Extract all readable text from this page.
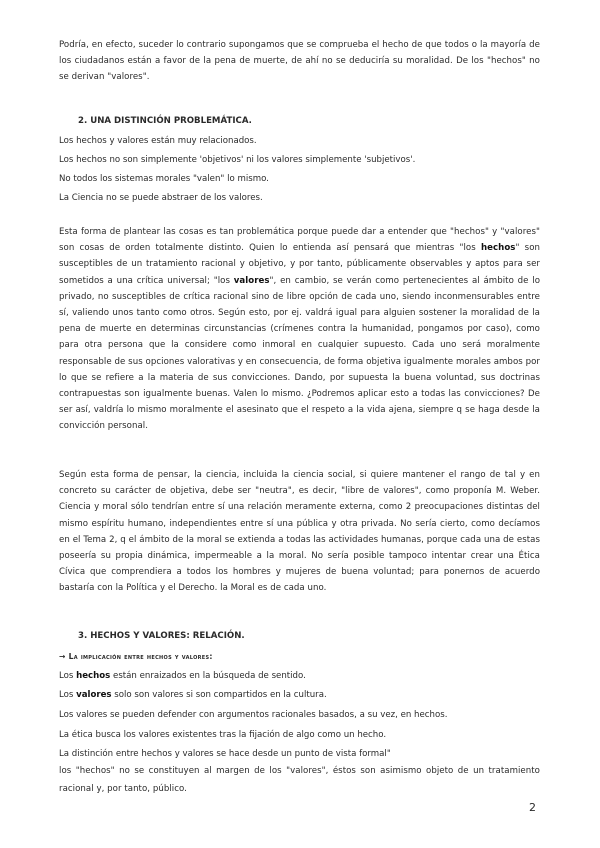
Podría, en efecto, suceder lo contrario supongamos que se comprueba el hecho de que todos o la mayoría de los ciudadanos están a favor de la pena de muerte, de ahí no se deduciría su moralidad. De los "hechos" no se derivan "valores".
2. UNA DISTINCIÓN PROBLEMÁTICA.
Los hechos y valores están muy relacionados.
Los hechos no son simplemente 'objetivos' ni los valores simplemente 'subjetivos'.
No todos los sistemas morales "valen" lo mismo.
La Ciencia no se puede abstraer de los valores.
Esta forma de plantear las cosas es tan problemática porque puede dar a entender que "hechos" y "valores" son cosas de orden totalmente distinto. Quien lo entienda así pensará que mientras "los hechos" son susceptibles de un tratamiento racional y objetivo, y por tanto, públicamente observables y aptos para ser sometidos a una crítica universal; "los valores", en cambio, se verán como pertenecientes al ámbito de lo privado, no susceptibles de crítica racional sino de libre opción de cada uno, siendo inconmensurables entre sí, valiendo unos tanto como otros. Según esto, por ej. valdrá igual para alguien sostener la moralidad de la pena de muerte en determinas circunstancias (crímenes contra la humanidad, pongamos por caso), como para otra persona que la considere como inmoral en cualquier supuesto. Cada uno será moralmente responsable de sus opciones valorativas y en consecuencia, de forma objetiva igualmente morales ambos por lo que se refiere a la materia de sus convicciones. Dando, por supuesta la buena voluntad, sus doctrinas contrapuestas son igualmente buenas. Valen lo mismo. ¿Podremos aplicar esto a todas las convicciones? De ser así, valdría lo mismo moralmente el asesinato que el respeto a la vida ajena, siempre q se haga desde la convicción personal.
Según esta forma de pensar, la ciencia, incluida la ciencia social, si quiere mantener el rango de tal y en concreto su carácter de objetiva, debe ser "neutra", es decir, "libre de valores", como proponía M. Weber. Ciencia y moral sólo tendrían entre sí una relación meramente externa, como 2 preocupaciones distintas del mismo espíritu humano, independientes entre sí una pública y otra privada. No sería cierto, como decíamos en el Tema 2, q el ámbito de la moral se extienda a todas las actividades humanas, porque cada una de estas poseería su propia dinámica, impermeable a la moral. No sería posible tampoco intentar crear una Ética Cívica que comprendiera a todos los hombres y mujeres de buena voluntad; para ponernos de acuerdo bastaría con la Política y el Derecho. la Moral es de cada uno.
3. HECHOS Y VALORES: RELACIÓN.
→ La implicación entre hechos y valores:
Los hechos están enraizados en la búsqueda de sentido.
Los valores solo son valores si son compartidos en la cultura.
Los valores se pueden defender con argumentos racionales basados, a su vez, en hechos.
La ética busca los valores existentes tras la fijación de algo como un hecho.
La distinción entre hechos y valores se hace desde un punto de vista formal"
los "hechos" no se constituyen al margen de los "valores", éstos son asimismo objeto de un tratamiento racional y, por tanto, público.
2
